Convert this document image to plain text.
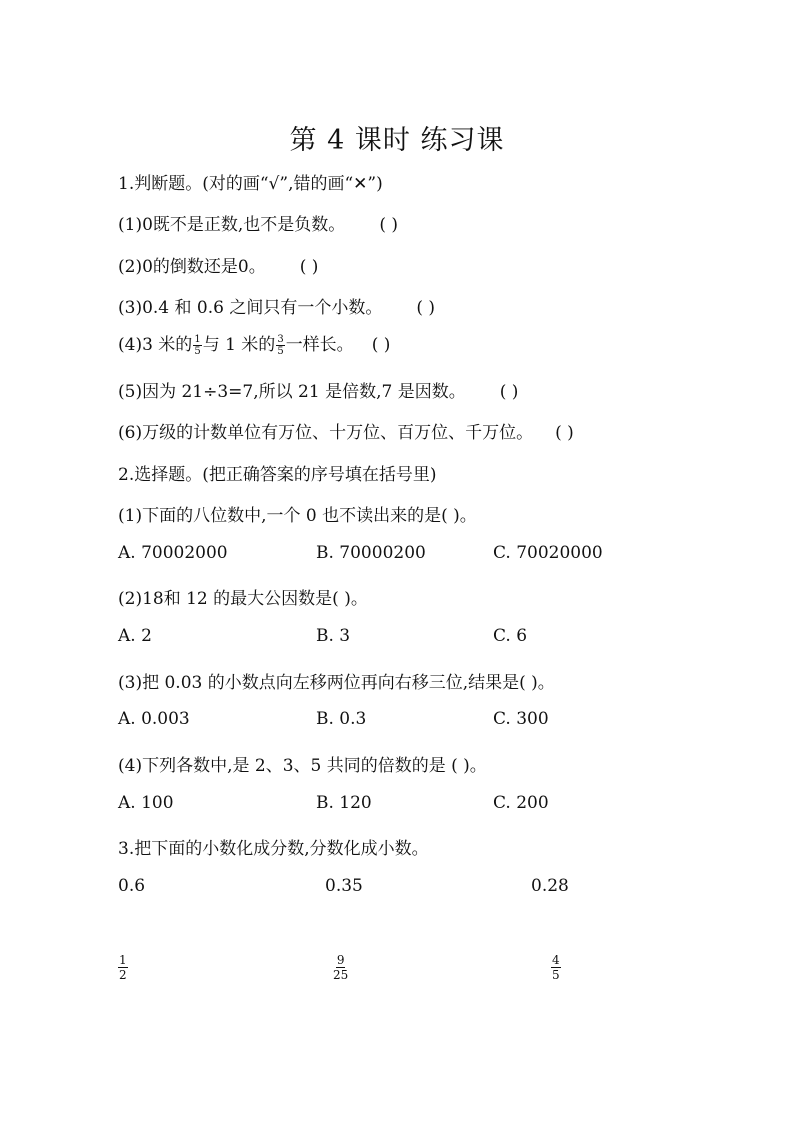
第 4 课时 练习课
1.判断题。(对的画“√”,错的画“✕”)
(1)0既不是正数,也不是负数。 ( )
(2)0的倒数还是0。 ( )
(3)0.4 和 0.6 之间只有一个小数。 ( )
(4)3 米的 $\frac{1}{5}$ 与 1 米的 $\frac{3}{5}$ 一样长。 ( )
(5)因为 21÷3=7,所以 21 是倍数,7 是因数。 ( )
(6)万级的计数单位有万位、十万位、百万位、千万位。 ( )
2.选择题。(把正确答案的序号填在括号里)
(1)下面的八位数中,一个 0 也不读出来的是( )。
A. 70002000	B. 70000200	C. 70020000
(2)18和 12 的最大公因数是( )。
A. 2	B. 3	C. 6
(3)把 0.03 的小数点向左移两位再向右移三位,结果是( )。
A. 0.003	B. 0.3	C. 300
(4)下列各数中,是 2、3、5 共同的倍数的是 ( )。
A. 100	B. 120	C. 200
3.把下面的小数化成分数,分数化成小数。
0.6	0.35	0.28
$\frac{1}{2}$	$\frac{9}{25}$	$\frac{4}{5}$
